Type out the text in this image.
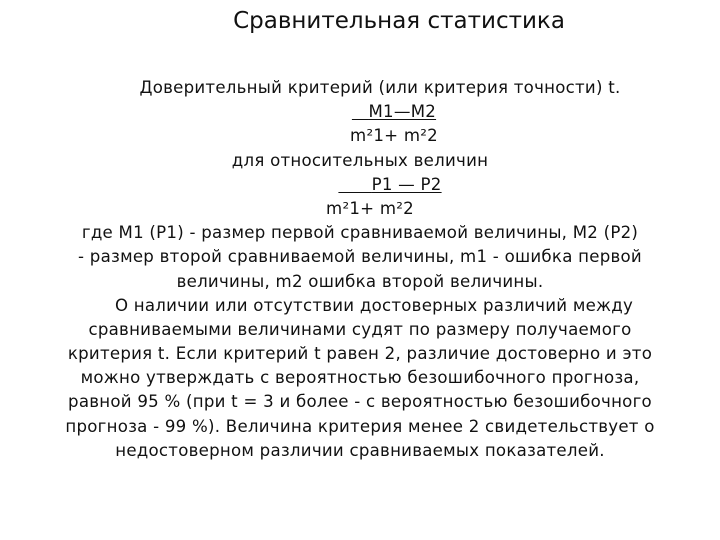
Сравнительная статистика
Доверительный критерий (или критерия точности) t.
М1—М2
m²1+ m²2
для относительных величин
Р1 — Р2
m²1+ m²2
где М1 (Р1) - размер первой сравниваемой величины, М2 (Р2)
- размер второй сравниваемой величины, m1 - ошибка первой
величины, m2 ошибка второй величины.
О наличии или отсутствии достоверных различий между
сравниваемыми величинами судят по размеру получаемого
критерия t. Если критерий t равен 2, различие достоверно и это
можно утверждать с вероятностью безошибочного прогноза,
равной 95 % (при t = 3 и более - с вероятностью безошибочного
прогноза - 99 %). Величина критерия менее 2 свидетельствует о
недостоверном различии сравниваемых показателей.
